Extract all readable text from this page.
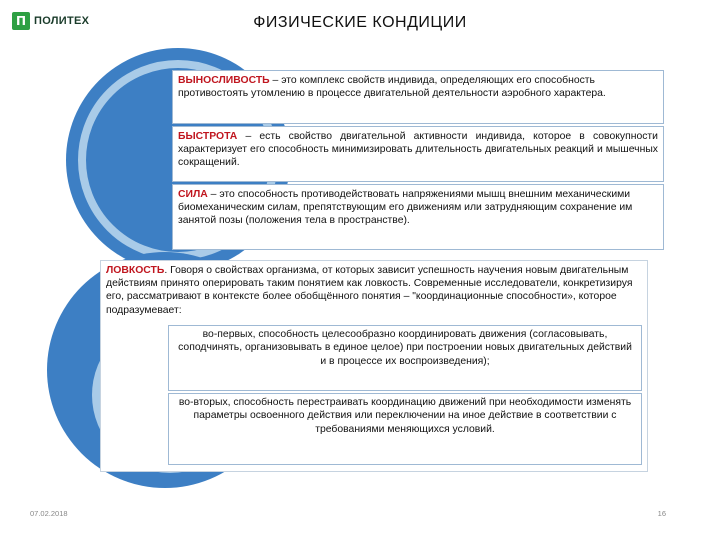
Π ПОЛИТЕХ	ФИЗИЧЕСКИЕ КОНДИЦИИ
ВЫНОСЛИВОСТЬ – это комплекс свойств индивида, определяющих его способность противостоять утомлению в процессе двигательной деятельности аэробного характера.
БЫСТРОТА – есть свойство двигательной активности индивида, которое в совокупности характеризует его способность минимизировать длительность двигательных реакций и мышечных сокращений.
СИЛА – это способность противодействовать напряжениями мышц внешним механическими биомеханическим силам, препятствующим его движениям или затрудняющим сохранение им занятой позы (положения тела в пространстве).
ЛОВКОСТЬ. Говоря о свойствах организма, от которых зависит успешность научения новым двигательным действиям принято оперировать таким понятием как ловкость. Современные исследователи, конкретизируя его, рассматривают в контексте более обобщённого понятия – "координационные способности», которое подразумевает:
во-первых, способность целесообразно координировать движения (согласовывать, соподчинять, организовывать в единое целое) при построении новых двигательных действий и в процессе их воспроизведения);
во-вторых, способность перестраивать координацию движений при необходимости изменять параметры освоенного действия или переключении на иное действие в соответствии с требованиями меняющихся условий.
07.02.2018	16
